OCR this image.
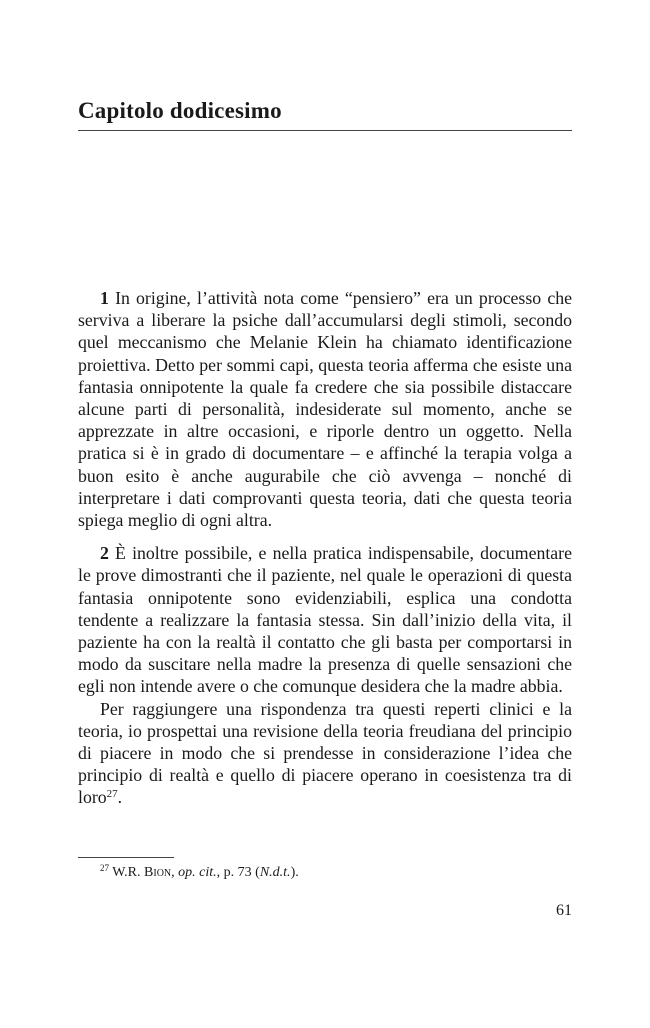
Capitolo dodicesimo

1 In origine, l’attività nota come “pensiero” era un processo che serviva a liberare la psiche dall’accumularsi degli stimoli, secondo quel meccanismo che Melanie Klein ha chiamato identificazione proiettiva. Detto per sommi capi, questa teoria afferma che esiste una fantasia onnipotente la quale fa credere che sia possibile distaccare alcune parti di personalità, indesiderate sul momento, anche se apprezzate in altre occasioni, e riporle dentro un oggetto. Nella pratica si è in grado di documentare – e affinché la terapia volga a buon esito è anche augurabile che ciò avvenga – nonché di interpretare i dati comprovanti questa teoria, dati che questa teoria spiega meglio di ogni altra.

2 È inoltre possibile, e nella pratica indispensabile, documentare le prove dimostranti che il paziente, nel quale le operazioni di questa fantasia onnipotente sono evidenziabili, esplica una condotta tendente a realizzare la fantasia stessa. Sin dall’inizio della vita, il paziente ha con la realtà il contatto che gli basta per comportarsi in modo da suscitare nella madre la presenza di quelle sensazioni che egli non intende avere o che comunque desidera che la madre abbia.

Per raggiungere una rispondenza tra questi reperti clinici e la teoria, io prospettai una revisione della teoria freudiana del principio di piacere in modo che si prendesse in considerazione l’idea che principio di realtà e quello di piacere operano in coesistenza tra di loro$^{27}$.

$^{27}$ W.R. Bion, op. cit., p. 73 (N.d.t.).

61
